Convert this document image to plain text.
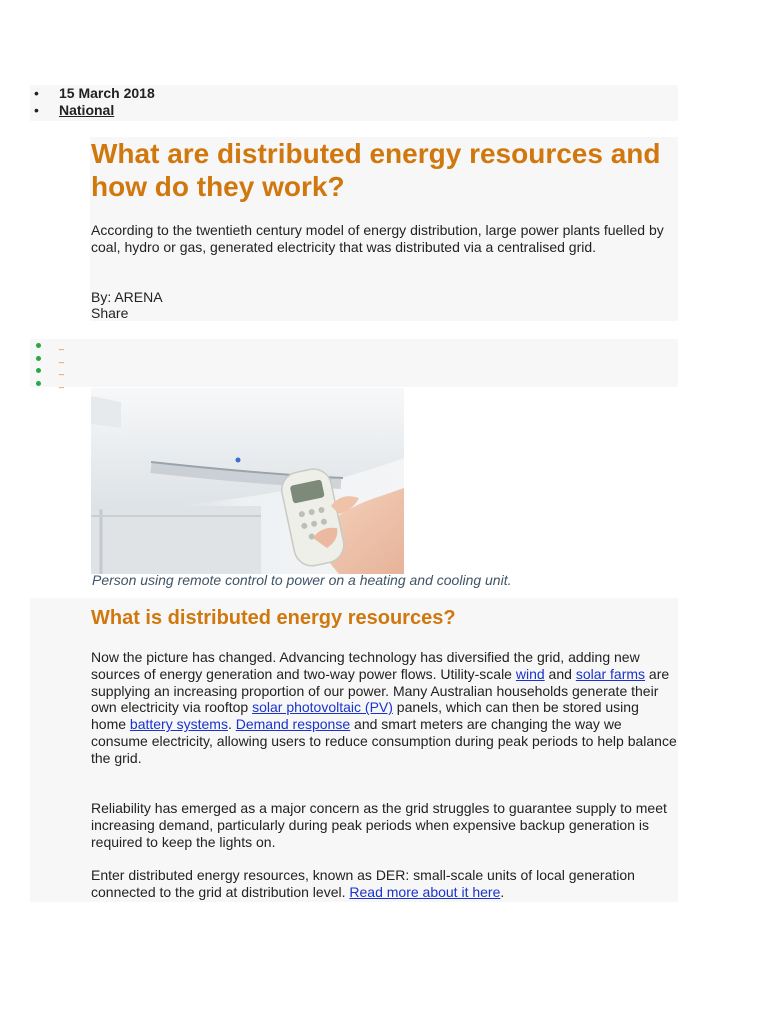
• 15 March 2018
• National
What are distributed energy resources and how do they work?
According to the twentieth century model of energy distribution, large power plants fuelled by coal, hydro or gas, generated electricity that was distributed via a centralised grid.
By: ARENA
Share
_
_
_
_
Person using remote control to power on a heating and cooling unit.
What is distributed energy resources?
Now the picture has changed. Advancing technology has diversified the grid, adding new sources of energy generation and two-way power flows. Utility-scale wind and solar farms are supplying an increasing proportion of our power. Many Australian households generate their own electricity via rooftop solar photovoltaic (PV) panels, which can then be stored using home battery systems. Demand response and smart meters are changing the way we consume electricity, allowing users to reduce consumption during peak periods to help balance the grid.
Reliability has emerged as a major concern as the grid struggles to guarantee supply to meet increasing demand, particularly during peak periods when expensive backup generation is required to keep the lights on.
Enter distributed energy resources, known as DER: small-scale units of local generation connected to the grid at distribution level. Read more about it here.
